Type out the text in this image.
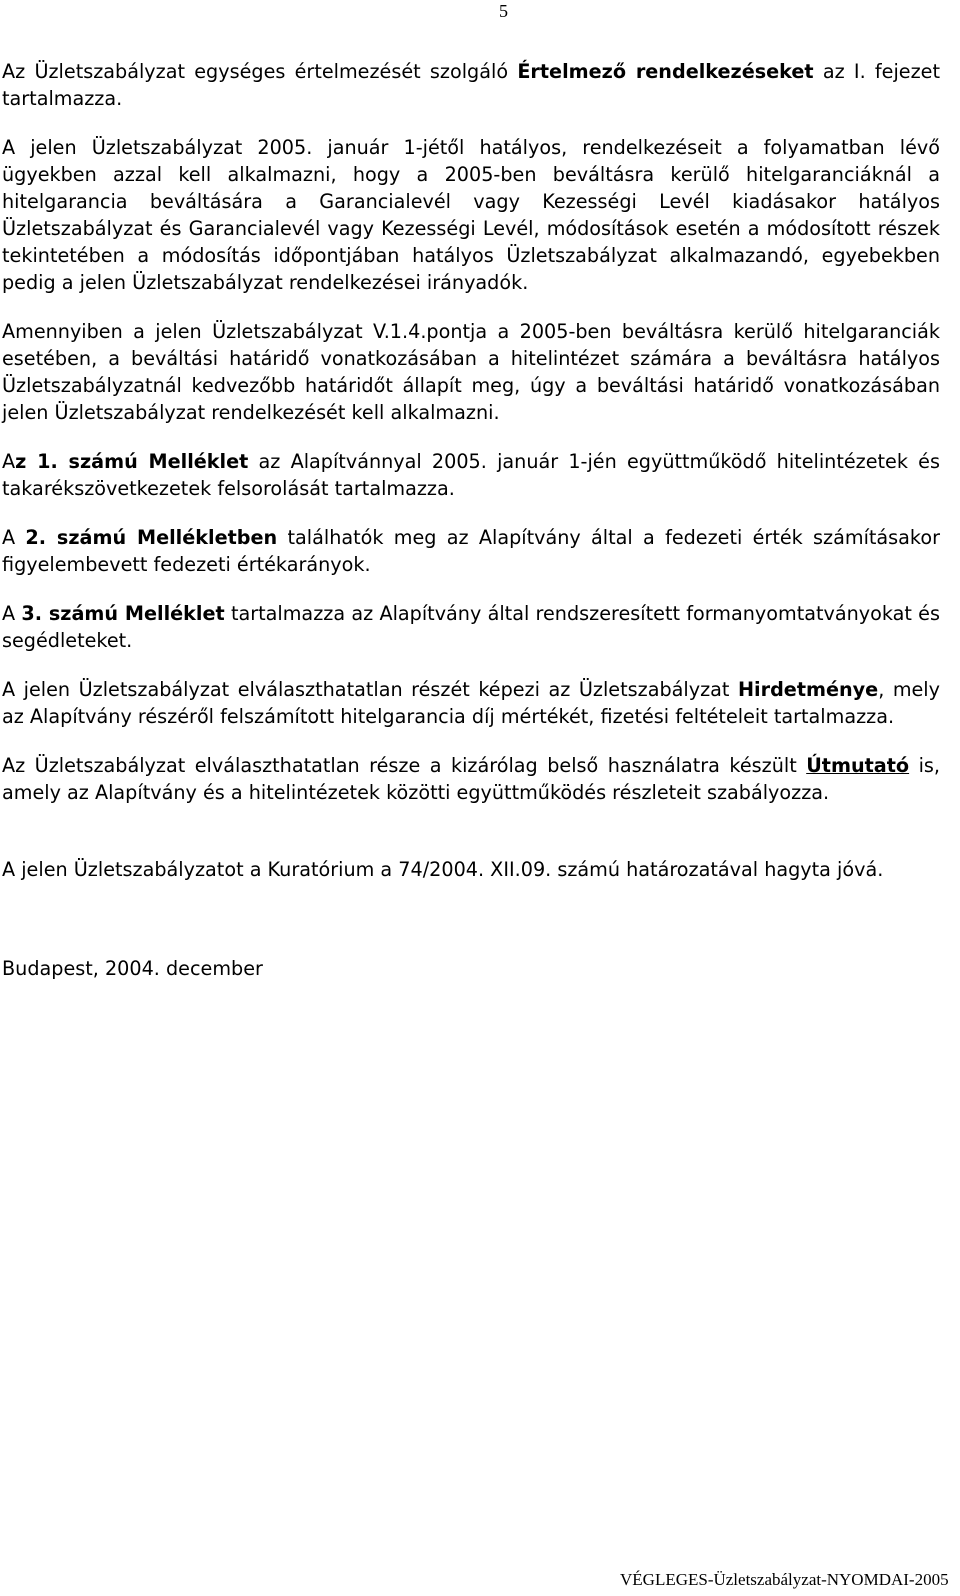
5

Az Üzletszabályzat egységes értelmezését szolgáló Értelmező rendelkezéseket az I. fejezet tartalmazza.

A jelen Üzletszabályzat 2005. január 1-jétől hatályos, rendelkezéseit a folyamatban lévő ügyekben azzal kell alkalmazni, hogy a 2005-ben beváltásra kerülő hitelgaranciáknál a hitelgarancia beváltására a Garancialevél vagy Kezességi Levél kiadásakor hatályos Üzletszabályzat és Garancialevél vagy Kezességi Levél, módosítások esetén a módosított részek tekintetében a módosítás időpontjában hatályos Üzletszabályzat alkalmazandó, egyebekben pedig a jelen Üzletszabályzat rendelkezései irányadók.

Amennyiben a jelen Üzletszabályzat V.1.4.pontja a 2005-ben beváltásra kerülő hitelgaranciák esetében, a beváltási határidő vonatkozásában a hitelintézet számára a beváltásra hatályos Üzletszabályzatnál kedvezőbb határidőt állapít meg, úgy a beváltási határidő vonatkozásában jelen Üzletszabályzat rendelkezését kell alkalmazni.

Az 1. számú Melléklet az Alapítvánnyal 2005. január 1-jén együttműködő hitelintézetek és takarékszövetkezetek felsorolását tartalmazza.

A 2. számú Mellékletben találhatók meg az Alapítvány által a fedezeti érték számításakor figyelembevett fedezeti értékarányok.

A 3. számú Melléklet tartalmazza az Alapítvány által rendszeresített formanyomtatványokat és segédleteket.

A jelen Üzletszabályzat elválaszthatatlan részét képezi az Üzletszabályzat Hirdetménye, mely az Alapítvány részéről felszámított hitelgarancia díj mértékét, fizetési feltételeit tartalmazza.

Az Üzletszabályzat elválaszthatatlan része a kizárólag belső használatra készült Útmutató is, amely az Alapítvány és a hitelintézetek közötti együttműködés részleteit szabályozza.

A jelen Üzletszabályzatot a Kuratórium a 74/2004. XII.09. számú határozatával hagyta jóvá.

Budapest, 2004. december

VÉGLEGES-Üzletszabályzat-NYOMDAI-2005
